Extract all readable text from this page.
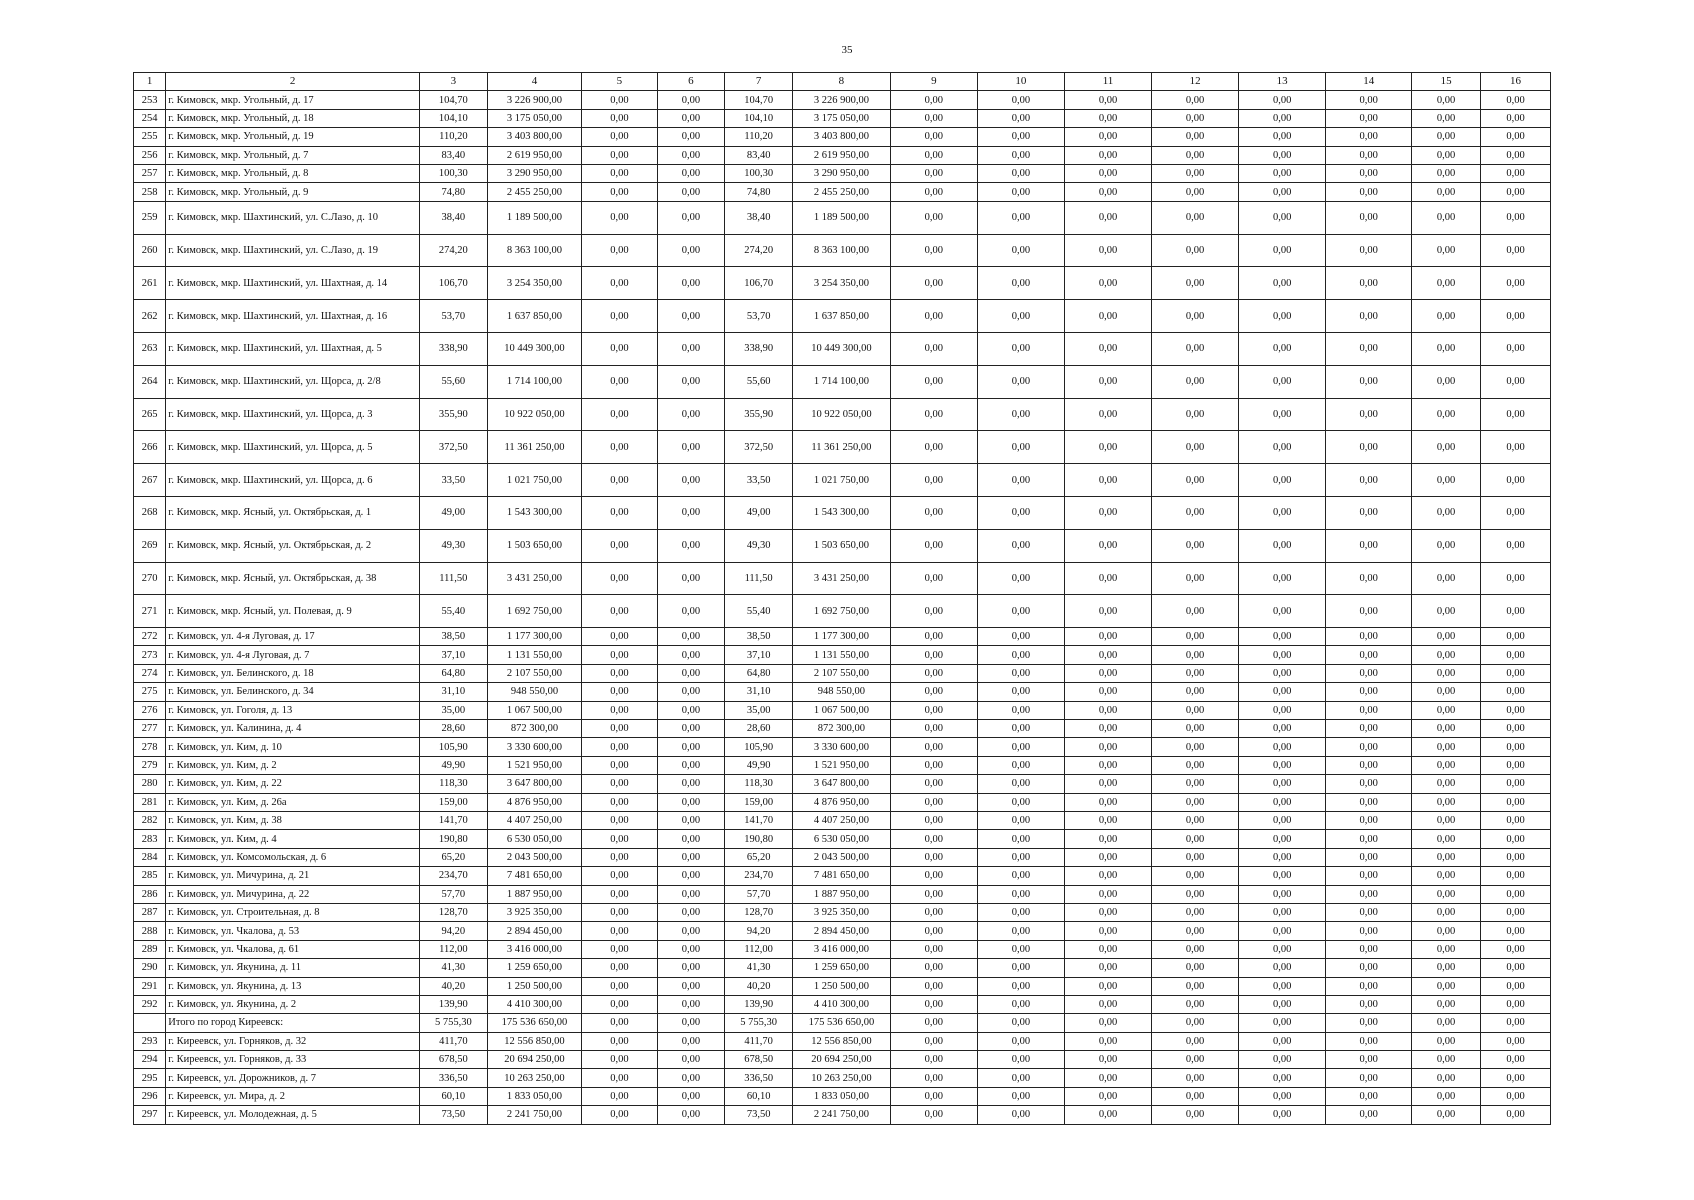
35
1	2	3	4	5	6	7	8	9	10	11	12	13	14	15	16
253	г. Кимовск, мкр. Угольный, д. 17	104,70	3 226 900,00	0,00	0,00	104,70	3 226 900,00	0,00	0,00	0,00	0,00	0,00	0,00	0,00	0,00
254	г. Кимовск, мкр. Угольный, д. 18	104,10	3 175 050,00	0,00	0,00	104,10	3 175 050,00	0,00	0,00	0,00	0,00	0,00	0,00	0,00	0,00
255	г. Кимовск, мкр. Угольный, д. 19	110,20	3 403 800,00	0,00	0,00	110,20	3 403 800,00	0,00	0,00	0,00	0,00	0,00	0,00	0,00	0,00
256	г. Кимовск, мкр. Угольный, д. 7	83,40	2 619 950,00	0,00	0,00	83,40	2 619 950,00	0,00	0,00	0,00	0,00	0,00	0,00	0,00	0,00
257	г. Кимовск, мкр. Угольный, д. 8	100,30	3 290 950,00	0,00	0,00	100,30	3 290 950,00	0,00	0,00	0,00	0,00	0,00	0,00	0,00	0,00
258	г. Кимовск, мкр. Угольный, д. 9	74,80	2 455 250,00	0,00	0,00	74,80	2 455 250,00	0,00	0,00	0,00	0,00	0,00	0,00	0,00	0,00
259	г. Кимовск, мкр. Шахтинский, ул. С.Лазо, д. 10	38,40	1 189 500,00	0,00	0,00	38,40	1 189 500,00	0,00	0,00	0,00	0,00	0,00	0,00	0,00	0,00
260	г. Кимовск, мкр. Шахтинский, ул. С.Лазо, д. 19	274,20	8 363 100,00	0,00	0,00	274,20	8 363 100,00	0,00	0,00	0,00	0,00	0,00	0,00	0,00	0,00
261	г. Кимовск, мкр. Шахтинский, ул. Шахтная, д. 14	106,70	3 254 350,00	0,00	0,00	106,70	3 254 350,00	0,00	0,00	0,00	0,00	0,00	0,00	0,00	0,00
262	г. Кимовск, мкр. Шахтинский, ул. Шахтная, д. 16	53,70	1 637 850,00	0,00	0,00	53,70	1 637 850,00	0,00	0,00	0,00	0,00	0,00	0,00	0,00	0,00
263	г. Кимовск, мкр. Шахтинский, ул. Шахтная, д. 5	338,90	10 449 300,00	0,00	0,00	338,90	10 449 300,00	0,00	0,00	0,00	0,00	0,00	0,00	0,00	0,00
264	г. Кимовск, мкр. Шахтинский, ул. Щорса, д. 2/8	55,60	1 714 100,00	0,00	0,00	55,60	1 714 100,00	0,00	0,00	0,00	0,00	0,00	0,00	0,00	0,00
265	г. Кимовск, мкр. Шахтинский, ул. Щорса, д. 3	355,90	10 922 050,00	0,00	0,00	355,90	10 922 050,00	0,00	0,00	0,00	0,00	0,00	0,00	0,00	0,00
266	г. Кимовск, мкр. Шахтинский, ул. Щорса, д. 5	372,50	11 361 250,00	0,00	0,00	372,50	11 361 250,00	0,00	0,00	0,00	0,00	0,00	0,00	0,00	0,00
267	г. Кимовск, мкр. Шахтинский, ул. Щорса, д. 6	33,50	1 021 750,00	0,00	0,00	33,50	1 021 750,00	0,00	0,00	0,00	0,00	0,00	0,00	0,00	0,00
268	г. Кимовск, мкр. Ясный, ул. Октябрьская, д. 1	49,00	1 543 300,00	0,00	0,00	49,00	1 543 300,00	0,00	0,00	0,00	0,00	0,00	0,00	0,00	0,00
269	г. Кимовск, мкр. Ясный, ул. Октябрьская, д. 2	49,30	1 503 650,00	0,00	0,00	49,30	1 503 650,00	0,00	0,00	0,00	0,00	0,00	0,00	0,00	0,00
270	г. Кимовск, мкр. Ясный, ул. Октябрьская, д. 38	111,50	3 431 250,00	0,00	0,00	111,50	3 431 250,00	0,00	0,00	0,00	0,00	0,00	0,00	0,00	0,00
271	г. Кимовск, мкр. Ясный, ул. Полевая, д. 9	55,40	1 692 750,00	0,00	0,00	55,40	1 692 750,00	0,00	0,00	0,00	0,00	0,00	0,00	0,00	0,00
272	г. Кимовск, ул. 4-я Луговая, д. 17	38,50	1 177 300,00	0,00	0,00	38,50	1 177 300,00	0,00	0,00	0,00	0,00	0,00	0,00	0,00	0,00
273	г. Кимовск, ул. 4-я Луговая, д. 7	37,10	1 131 550,00	0,00	0,00	37,10	1 131 550,00	0,00	0,00	0,00	0,00	0,00	0,00	0,00	0,00
274	г. Кимовск, ул. Белинского, д. 18	64,80	2 107 550,00	0,00	0,00	64,80	2 107 550,00	0,00	0,00	0,00	0,00	0,00	0,00	0,00	0,00
275	г. Кимовск, ул. Белинского, д. 34	31,10	948 550,00	0,00	0,00	31,10	948 550,00	0,00	0,00	0,00	0,00	0,00	0,00	0,00	0,00
276	г. Кимовск, ул. Гоголя, д. 13	35,00	1 067 500,00	0,00	0,00	35,00	1 067 500,00	0,00	0,00	0,00	0,00	0,00	0,00	0,00	0,00
277	г. Кимовск, ул. Калинина, д. 4	28,60	872 300,00	0,00	0,00	28,60	872 300,00	0,00	0,00	0,00	0,00	0,00	0,00	0,00	0,00
278	г. Кимовск, ул. Ким, д. 10	105,90	3 330 600,00	0,00	0,00	105,90	3 330 600,00	0,00	0,00	0,00	0,00	0,00	0,00	0,00	0,00
279	г. Кимовск, ул. Ким, д. 2	49,90	1 521 950,00	0,00	0,00	49,90	1 521 950,00	0,00	0,00	0,00	0,00	0,00	0,00	0,00	0,00
280	г. Кимовск, ул. Ким, д. 22	118,30	3 647 800,00	0,00	0,00	118,30	3 647 800,00	0,00	0,00	0,00	0,00	0,00	0,00	0,00	0,00
281	г. Кимовск, ул. Ким, д. 26а	159,00	4 876 950,00	0,00	0,00	159,00	4 876 950,00	0,00	0,00	0,00	0,00	0,00	0,00	0,00	0,00
282	г. Кимовск, ул. Ким, д. 38	141,70	4 407 250,00	0,00	0,00	141,70	4 407 250,00	0,00	0,00	0,00	0,00	0,00	0,00	0,00	0,00
283	г. Кимовск, ул. Ким, д. 4	190,80	6 530 050,00	0,00	0,00	190,80	6 530 050,00	0,00	0,00	0,00	0,00	0,00	0,00	0,00	0,00
284	г. Кимовск, ул. Комсомольская, д. 6	65,20	2 043 500,00	0,00	0,00	65,20	2 043 500,00	0,00	0,00	0,00	0,00	0,00	0,00	0,00	0,00
285	г. Кимовск, ул. Мичурина, д. 21	234,70	7 481 650,00	0,00	0,00	234,70	7 481 650,00	0,00	0,00	0,00	0,00	0,00	0,00	0,00	0,00
286	г. Кимовск, ул. Мичурина, д. 22	57,70	1 887 950,00	0,00	0,00	57,70	1 887 950,00	0,00	0,00	0,00	0,00	0,00	0,00	0,00	0,00
287	г. Кимовск, ул. Строительная, д. 8	128,70	3 925 350,00	0,00	0,00	128,70	3 925 350,00	0,00	0,00	0,00	0,00	0,00	0,00	0,00	0,00
288	г. Кимовск, ул. Чкалова, д. 53	94,20	2 894 450,00	0,00	0,00	94,20	2 894 450,00	0,00	0,00	0,00	0,00	0,00	0,00	0,00	0,00
289	г. Кимовск, ул. Чкалова, д. 61	112,00	3 416 000,00	0,00	0,00	112,00	3 416 000,00	0,00	0,00	0,00	0,00	0,00	0,00	0,00	0,00
290	г. Кимовск, ул. Якунина, д. 11	41,30	1 259 650,00	0,00	0,00	41,30	1 259 650,00	0,00	0,00	0,00	0,00	0,00	0,00	0,00	0,00
291	г. Кимовск, ул. Якунина, д. 13	40,20	1 250 500,00	0,00	0,00	40,20	1 250 500,00	0,00	0,00	0,00	0,00	0,00	0,00	0,00	0,00
292	г. Кимовск, ул. Якунина, д. 2	139,90	4 410 300,00	0,00	0,00	139,90	4 410 300,00	0,00	0,00	0,00	0,00	0,00	0,00	0,00	0,00
	Итого по город Киреевск:	5 755,30	175 536 650,00	0,00	0,00	5 755,30	175 536 650,00	0,00	0,00	0,00	0,00	0,00	0,00	0,00	0,00
293	г. Киреевск, ул. Горняков, д. 32	411,70	12 556 850,00	0,00	0,00	411,70	12 556 850,00	0,00	0,00	0,00	0,00	0,00	0,00	0,00	0,00
294	г. Киреевск, ул. Горняков, д. 33	678,50	20 694 250,00	0,00	0,00	678,50	20 694 250,00	0,00	0,00	0,00	0,00	0,00	0,00	0,00	0,00
295	г. Киреевск, ул. Дорожников, д. 7	336,50	10 263 250,00	0,00	0,00	336,50	10 263 250,00	0,00	0,00	0,00	0,00	0,00	0,00	0,00	0,00
296	г. Киреевск, ул. Мира, д. 2	60,10	1 833 050,00	0,00	0,00	60,10	1 833 050,00	0,00	0,00	0,00	0,00	0,00	0,00	0,00	0,00
297	г. Киреевск, ул. Молодежная, д. 5	73,50	2 241 750,00	0,00	0,00	73,50	2 241 750,00	0,00	0,00	0,00	0,00	0,00	0,00	0,00	0,00
